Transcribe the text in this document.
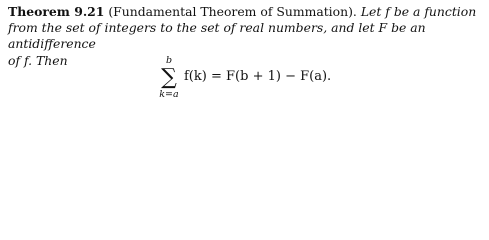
Theorem 9.21 (Fundamental Theorem of Summation). Let f be a function

from the set of integers to the set of real numbers, and let F be an antidifference

of f. Then	b
∑
k=a
f(k) = F(b + 1) − F(a).
